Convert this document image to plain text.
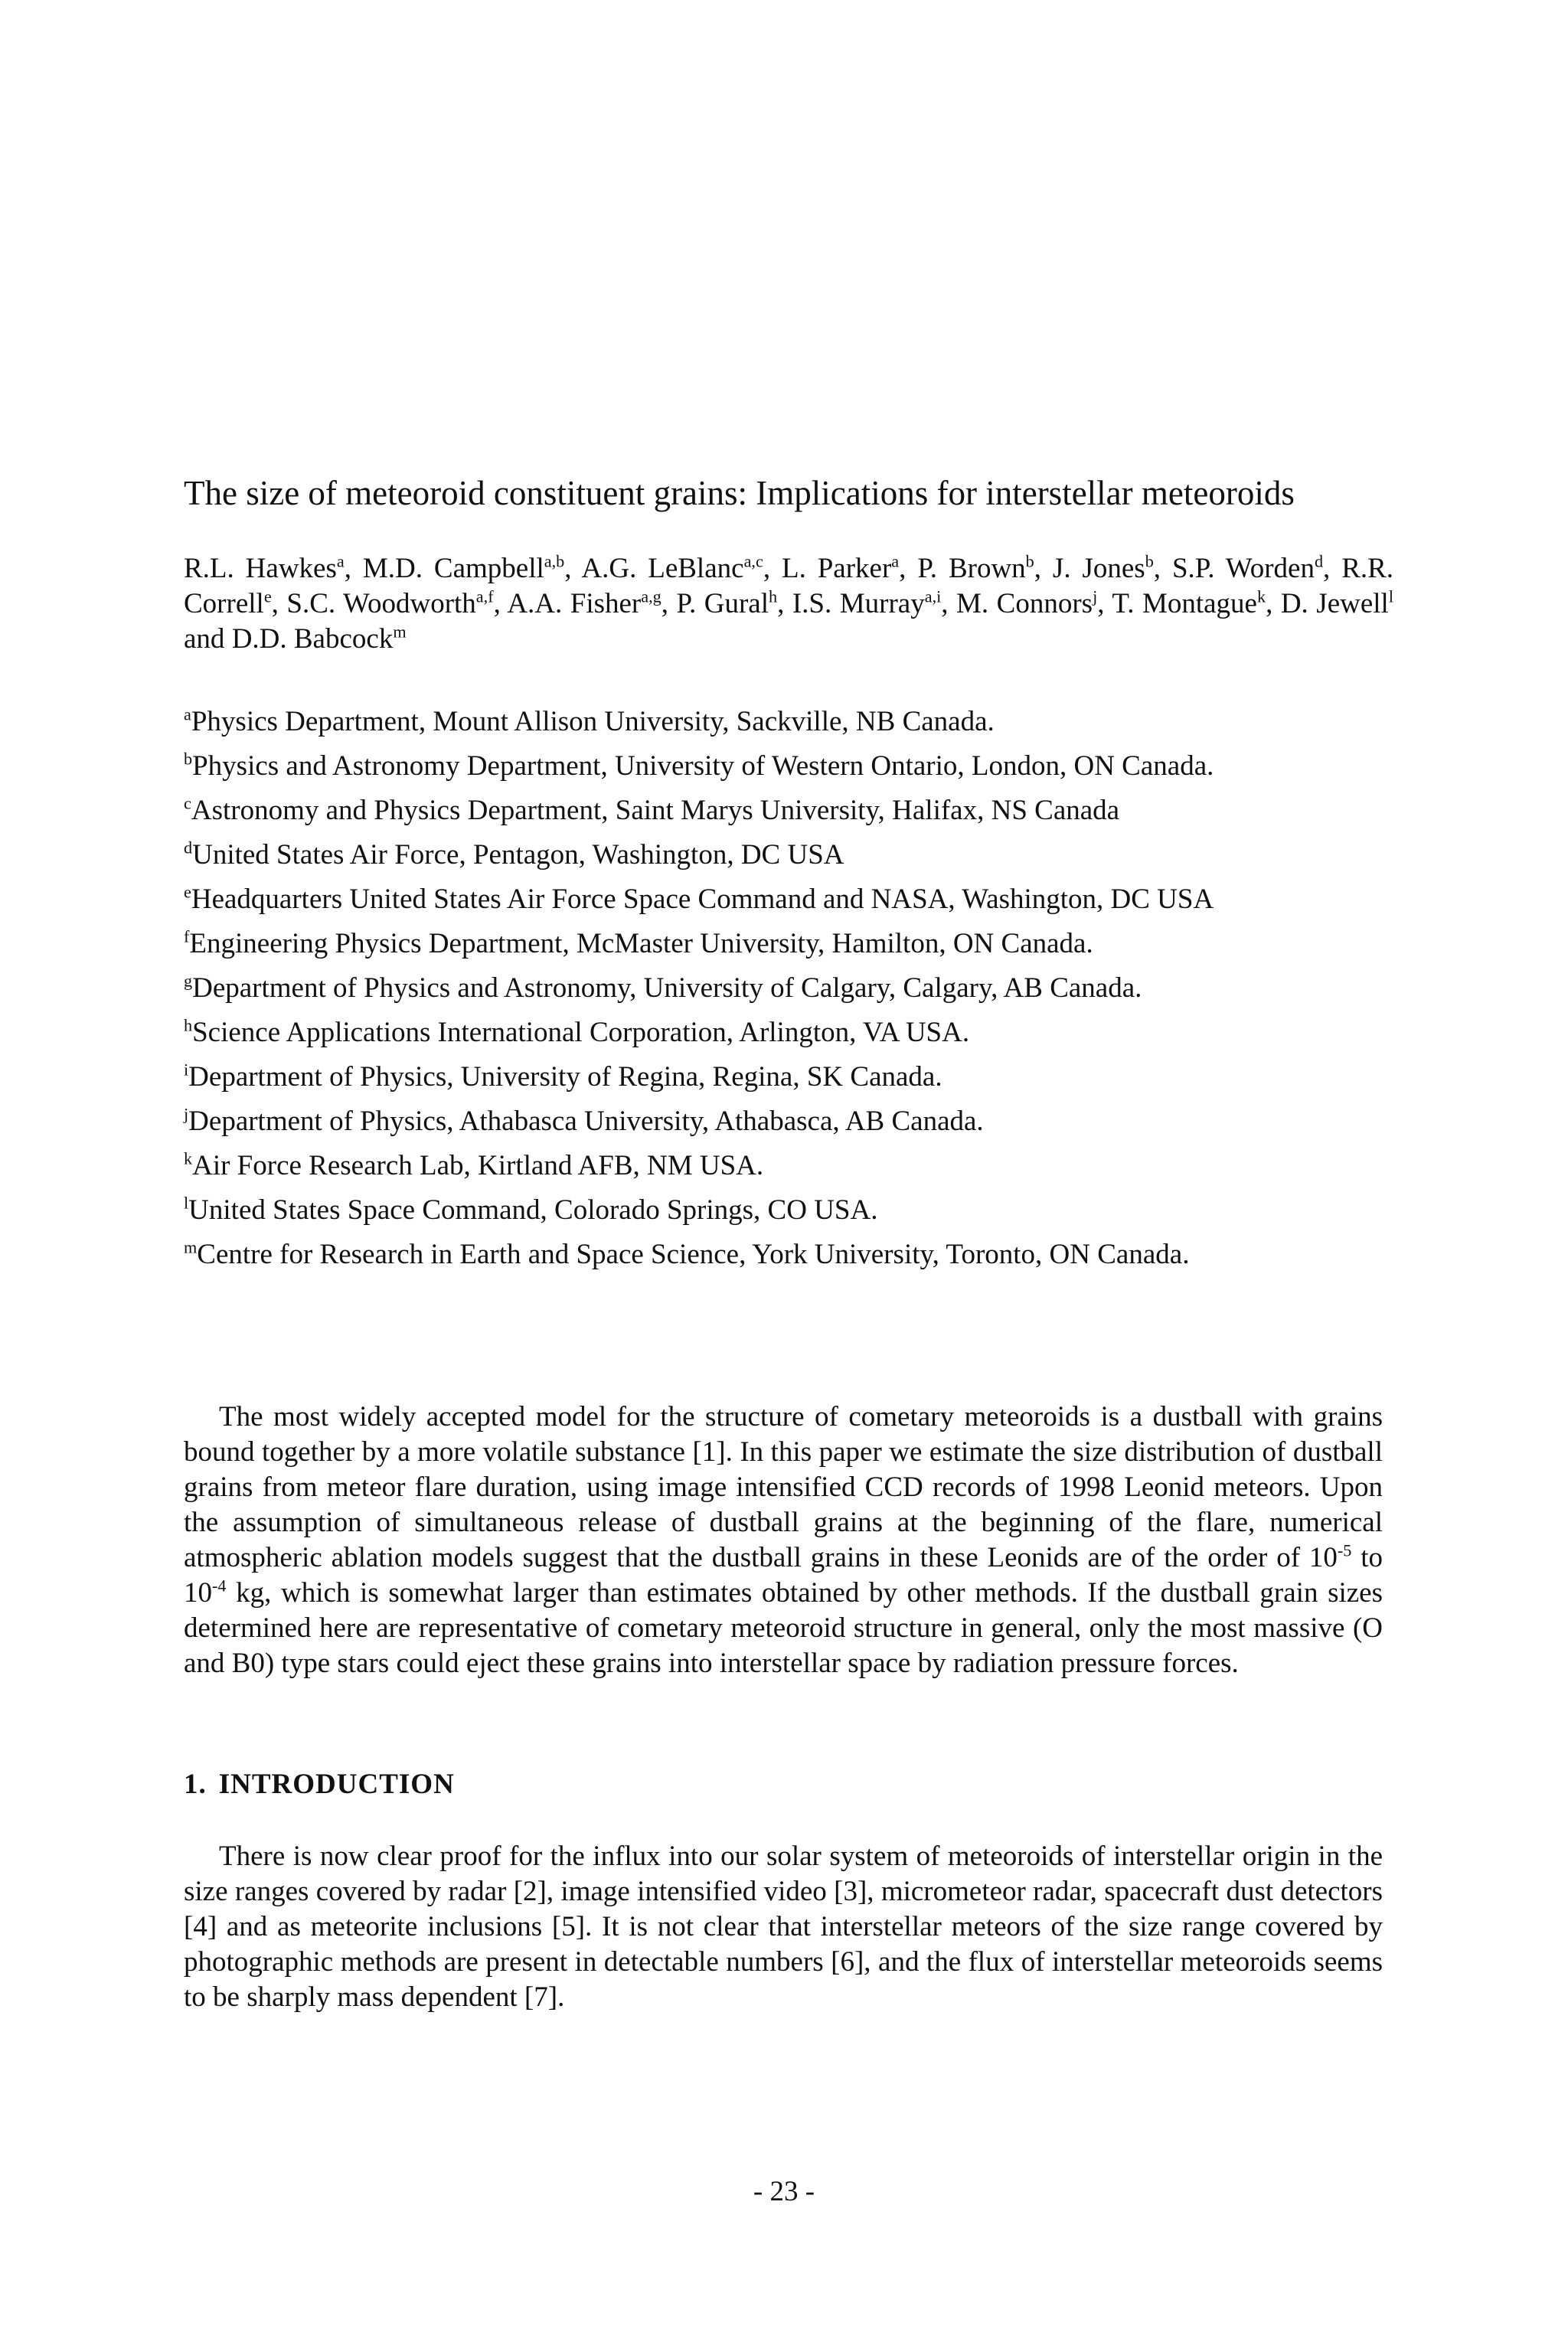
The size of meteoroid constituent grains: Implications for interstellar meteoroids
R.L. Hawkes$^a$, M.D. Campbell$^{a,b}$, A.G. LeBlanc$^{a,c}$, L. Parker$^a$, P. Brown$^b$, J. Jones$^b$, S.P. Worden$^d$, R.R. Correll$^e$, S.C. Woodworth$^{a,f}$, A.A. Fisher$^{a,g}$, P. Gural$^h$, I.S. Murray$^{a,i}$, M. Connors$^j$, T. Montague$^k$, D. Jewell$^l$ and D.D. Babcock$^m$
$^a$Physics Department, Mount Allison University, Sackville, NB Canada.
$^b$Physics and Astronomy Department, University of Western Ontario, London, ON Canada.
$^c$Astronomy and Physics Department, Saint Marys University, Halifax, NS Canada
$^d$United States Air Force, Pentagon, Washington, DC USA
$^e$Headquarters United States Air Force Space Command and NASA, Washington, DC USA
$^f$Engineering Physics Department, McMaster University, Hamilton, ON Canada.
$^g$Department of Physics and Astronomy, University of Calgary, Calgary, AB Canada.
$^h$Science Applications International Corporation, Arlington, VA USA.
$^i$Department of Physics, University of Regina, Regina, SK Canada.
$^j$Department of Physics, Athabasca University, Athabasca, AB Canada.
$^k$Air Force Research Lab, Kirtland AFB, NM USA.
$^l$United States Space Command, Colorado Springs, CO USA.
$^m$Centre for Research in Earth and Space Science, York University, Toronto, ON Canada.

The most widely accepted model for the structure of cometary meteoroids is a dustball with grains bound together by a more volatile substance [1]. In this paper we estimate the size distribution of dustball grains from meteor flare duration, using image intensified CCD records of 1998 Leonid meteors. Upon the assumption of simultaneous release of dustball grains at the beginning of the flare, numerical atmospheric ablation models suggest that the dustball grains in these Leonids are of the order of $10^{-5}$ to $10^{-4}$ kg, which is somewhat larger than estimates obtained by other methods. If the dustball grain sizes determined here are representative of cometary meteoroid structure in general, only the most massive (O and B0) type stars could eject these grains into interstellar space by radiation pressure forces.

1. INTRODUCTION

There is now clear proof for the influx into our solar system of meteoroids of interstellar origin in the size ranges covered by radar [2], image intensified video [3], micrometeor radar, spacecraft dust detectors [4] and as meteorite inclusions [5]. It is not clear that interstellar meteors of the size range covered by photographic methods are present in detectable numbers [6], and the flux of interstellar meteoroids seems to be sharply mass dependent [7].

- 23 -
